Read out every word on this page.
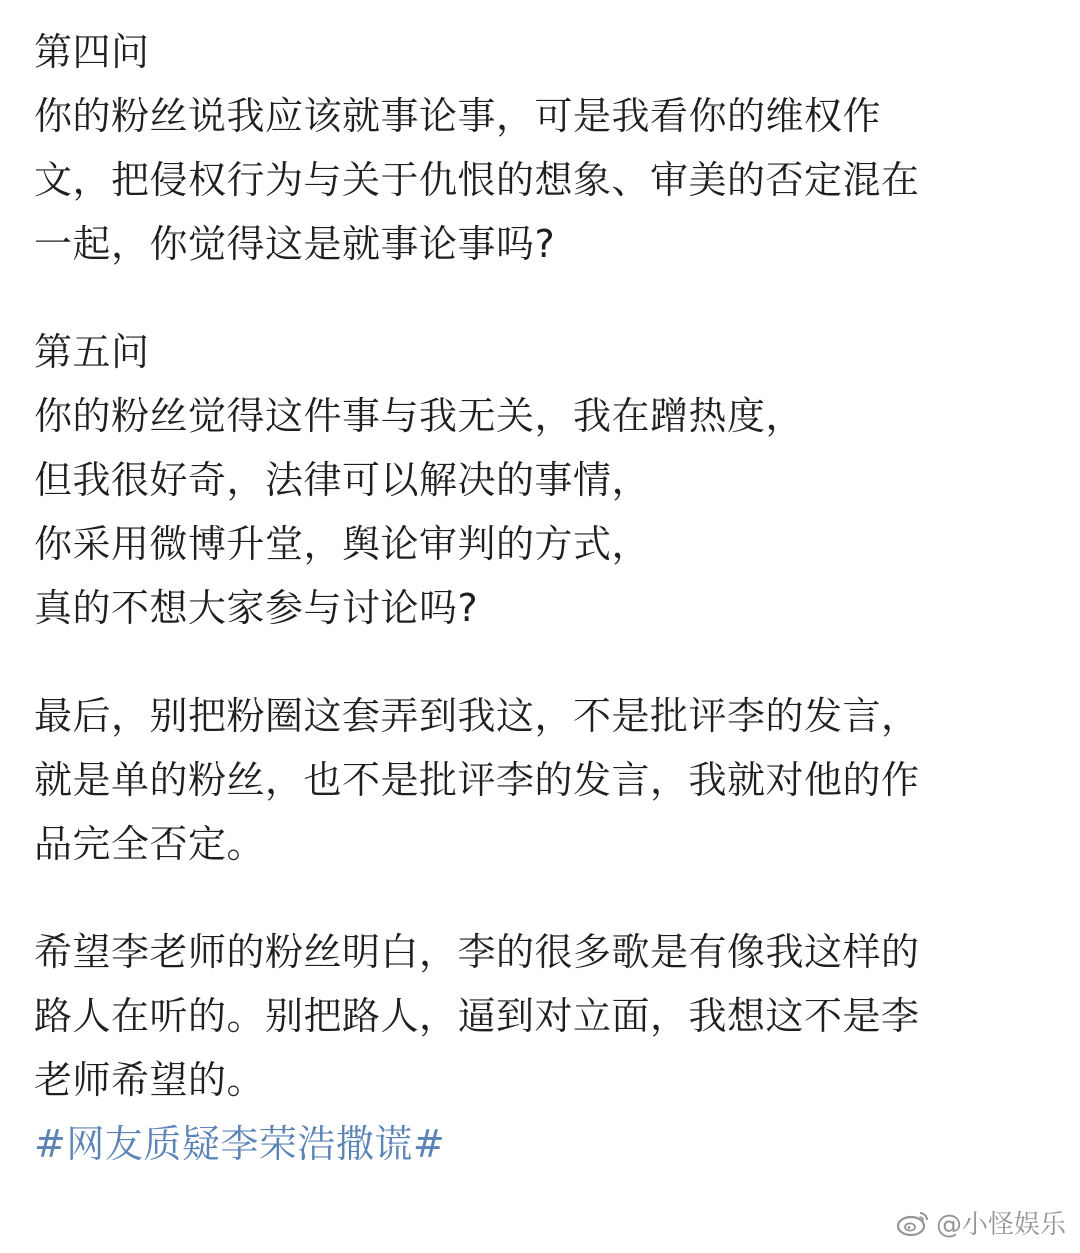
第四问
你的粉丝说我应该就事论事，可是我看你的维权作
文，把侵权行为与关于仇恨的想象、审美的否定混在
一起，你觉得这是就事论事吗?
第五问
你的粉丝觉得这件事与我无关，我在蹭热度，
但我很好奇，法律可以解决的事情，
你采用微博升堂，舆论审判的方式，
真的不想大家参与讨论吗?
最后，别把粉圈这套弄到我这，不是批评李的发言，
就是单的粉丝，也不是批评李的发言，我就对他的作
品完全否定。
希望李老师的粉丝明白，李的很多歌是有像我这样的
路人在听的。别把路人，逼到对立面，我想这不是李
老师希望的。
#网友质疑李荣浩撒谎#
@小怪娱乐
